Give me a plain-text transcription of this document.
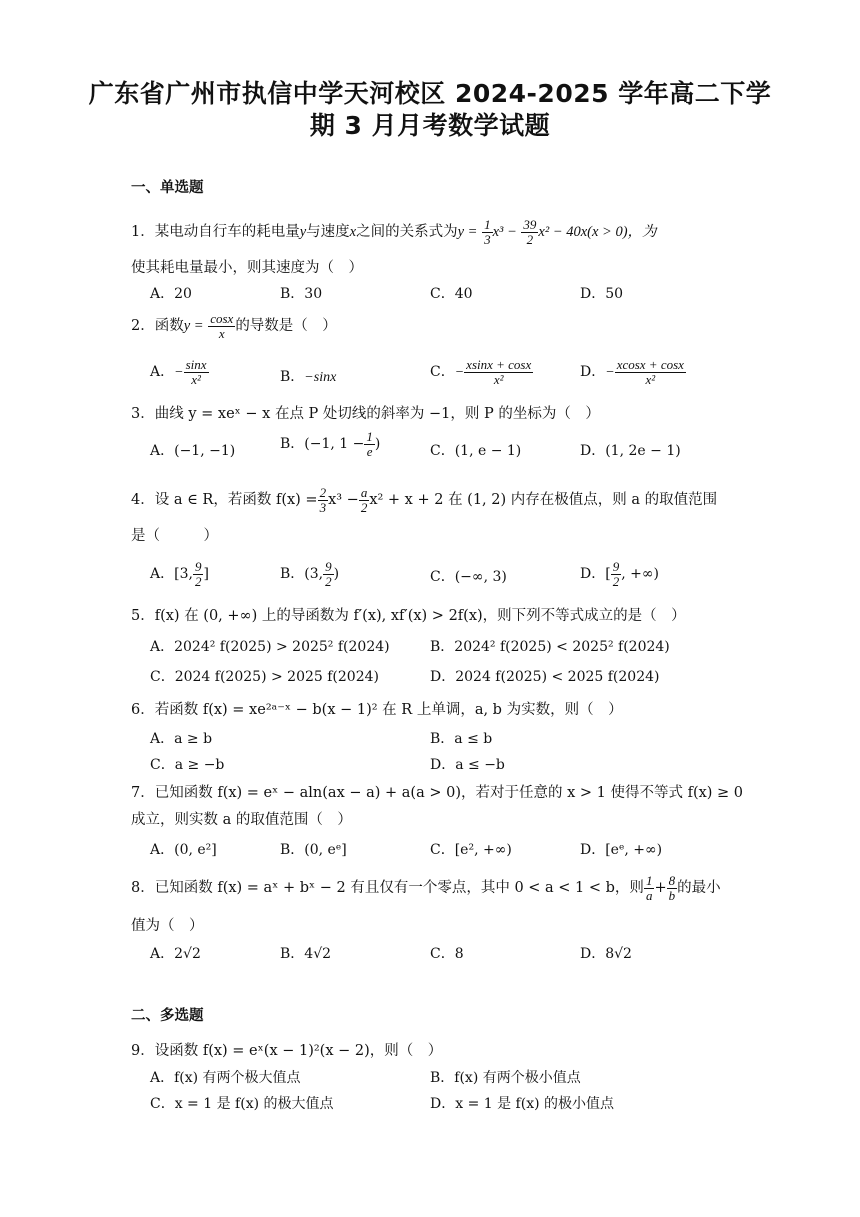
广东省广州市执信中学天河校区 2024-2025 学年高二下学
期 3 月月考数学试题
一、单选题
1．某电动自行车的耗电量y与速度x之间的关系式为$y = \frac{1}{3} x^3 - \frac{39}{2} x^2 - 40x(x > 0)$，为
使其耗电量最小，则其速度为（　）
A．20	B．30	C．40	D．50
2．函数$y = \frac{\cos x}{x}$ 的导数是（　）
A．− $\frac{\sin x}{\text{x²}}$	B．−sinx	C．− $\frac{xsinx + \cos x}{\text{x²}}$	D．− $\frac{xcosx + \cos x}{\text{x²}}$
3．曲线 y = xeˣ − x 在点 P 处切线的斜率为 −1，则 P 的坐标为（　）
A．(−1, −1)	B．(−1, $1 - \frac{1}{e}$ )	C．(1, e − 1)	D．(1, 2e − 1)
4．设 a ∈ R，若函数 $f(x) = \frac{2}{3} x^3 - \frac{a}{2} x^2 + x + 2$ 在 (1, 2) 内存在极值点，则 a 的取值范围
是（　　　）
A．[3, $\frac{9}{2}$ ]	B．(3, $\frac{9}{2}$ )	C．(−∞, 3)	D．[ $\frac{9}{2}$ , +∞)
5．f(x) 在 (0, +∞) 上的导函数为 f′(x), xf′(x) > 2f(x)，则下列不等式成立的是（　）
A．2024² f(2025) > 2025² f(2024)	B．2024² f(2025) < 2025² f(2024)
C．2024 f(2025) > 2025 f(2024)	D．2024 f(2025) < 2025 f(2024)
6．若函数 f(x) = xe²ᵃ⁻ˣ − b(x − 1)² 在 R 上单调，a, b 为实数，则（　）
A．a ≥ b	B．a ≤ b
C．a ≥ −b	D．a ≤ −b
7．已知函数 f(x) = eˣ − aln(ax − a) + a(a > 0)，若对于任意的 x > 1 使得不等式 f(x) ≥ 0
成立，则实数 a 的取值范围（　）
A．(0, e²]	B．(0, eᵉ]	C．[e², +∞)	D．[eᵉ, +∞)
8．已知函数 f(x) = aˣ + bˣ − 2 有且仅有一个零点，其中 0 < a < 1 < b，则 $\frac{1}{a} + \frac{8}{b}$ 的最小
值为（　）
A．2√2	B．4√2	C．8	D．8√2
二、多选题
9．设函数 f(x) = eˣ(x − 1)²(x − 2)，则（　）
A．f(x) 有两个极大值点	B．f(x) 有两个极小值点
C．x = 1 是 f(x) 的极大值点	D．x = 1 是 f(x) 的极小值点
